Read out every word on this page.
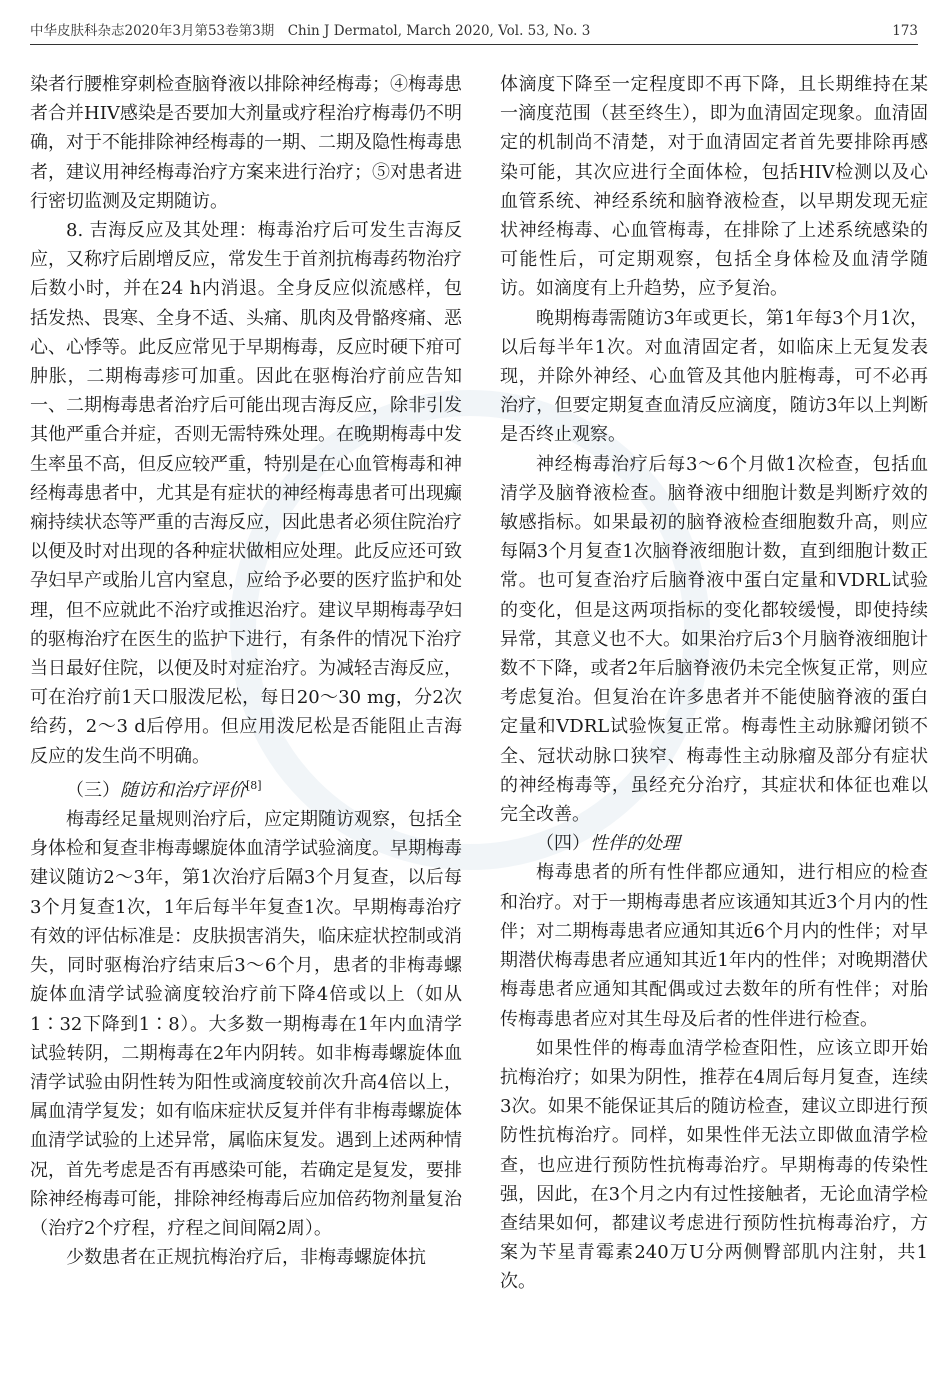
中华皮肤科杂志2020年3月第53卷第3期　Chin J Dermatol, March 2020, Vol. 53, No. 3	173

染者行腰椎穿刺检查脑脊液以排除神经梅毒；④梅毒患者合并HIV感染是否要加大剂量或疗程治疗梅毒仍不明确，对于不能排除神经梅毒的一期、二期及隐性梅毒患者，建议用神经梅毒治疗方案来进行治疗；⑤对患者进行密切监测及定期随访。

8. 吉海反应及其处理：梅毒治疗后可发生吉海反应，又称疗后剧增反应，常发生于首剂抗梅毒药物治疗后数小时，并在24 h内消退。全身反应似流感样，包括发热、畏寒、全身不适、头痛、肌肉及骨骼疼痛、恶心、心悸等。此反应常见于早期梅毒，反应时硬下疳可肿胀，二期梅毒疹可加重。因此在驱梅治疗前应告知一、二期梅毒患者治疗后可能出现吉海反应，除非引发其他严重合并症，否则无需特殊处理。在晚期梅毒中发生率虽不高，但反应较严重，特别是在心血管梅毒和神经梅毒患者中，尤其是有症状的神经梅毒患者可出现癫痫持续状态等严重的吉海反应，因此患者必须住院治疗以便及时对出现的各种症状做相应处理。此反应还可致孕妇早产或胎儿宫内窒息，应给予必要的医疗监护和处理，但不应就此不治疗或推迟治疗。建议早期梅毒孕妇的驱梅治疗在医生的监护下进行，有条件的情况下治疗当日最好住院，以便及时对症治疗。为减轻吉海反应，可在治疗前1天口服泼尼松，每日20～30 mg，分2次给药，2～3 d后停用。但应用泼尼松是否能阻止吉海反应的发生尚不明确。

（三）随访和治疗评价[8]

梅毒经足量规则治疗后，应定期随访观察，包括全身体检和复查非梅毒螺旋体血清学试验滴度。早期梅毒建议随访2～3年，第1次治疗后隔3个月复查，以后每3个月复查1次，1年后每半年复查1次。早期梅毒治疗有效的评估标准是：皮肤损害消失，临床症状控制或消失，同时驱梅治疗结束后3～6个月，患者的非梅毒螺旋体血清学试验滴度较治疗前下降4倍或以上（如从1∶32下降到1∶8）。大多数一期梅毒在1年内血清学试验转阴，二期梅毒在2年内阴转。如非梅毒螺旋体血清学试验由阴性转为阳性或滴度较前次升高4倍以上，属血清学复发；如有临床症状反复并伴有非梅毒螺旋体血清学试验的上述异常，属临床复发。遇到上述两种情况，首先考虑是否有再感染可能，若确定是复发，要排除神经梅毒可能，排除神经梅毒后应加倍药物剂量复治（治疗2个疗程，疗程之间间隔2周）。

少数患者在正规抗梅治疗后，非梅毒螺旋体抗

体滴度下降至一定程度即不再下降，且长期维持在某一滴度范围（甚至终生），即为血清固定现象。血清固定的机制尚不清楚，对于血清固定者首先要排除再感染可能，其次应进行全面体检，包括HIV检测以及心血管系统、神经系统和脑脊液检查，以早期发现无症状神经梅毒、心血管梅毒，在排除了上述系统感染的可能性后，可定期观察，包括全身体检及血清学随访。如滴度有上升趋势，应予复治。

晚期梅毒需随访3年或更长，第1年每3个月1次，以后每半年1次。对血清固定者，如临床上无复发表现，并除外神经、心血管及其他内脏梅毒，可不必再治疗，但要定期复查血清反应滴度，随访3年以上判断是否终止观察。

神经梅毒治疗后每3～6个月做1次检查，包括血清学及脑脊液检查。脑脊液中细胞计数是判断疗效的敏感指标。如果最初的脑脊液检查细胞数升高，则应每隔3个月复查1次脑脊液细胞计数，直到细胞计数正常。也可复查治疗后脑脊液中蛋白定量和VDRL试验的变化，但是这两项指标的变化都较缓慢，即使持续异常，其意义也不大。如果治疗后3个月脑脊液细胞计数不下降，或者2年后脑脊液仍未完全恢复正常，则应考虑复治。但复治在许多患者并不能使脑脊液的蛋白定量和VDRL试验恢复正常。梅毒性主动脉瓣闭锁不全、冠状动脉口狭窄、梅毒性主动脉瘤及部分有症状的神经梅毒等，虽经充分治疗，其症状和体征也难以完全改善。

（四）性伴的处理

梅毒患者的所有性伴都应通知，进行相应的检查和治疗。对于一期梅毒患者应该通知其近3个月内的性伴；对二期梅毒患者应通知其近6个月内的性伴；对早期潜伏梅毒患者应通知其近1年内的性伴；对晚期潜伏梅毒患者应通知其配偶或过去数年的所有性伴；对胎传梅毒患者应对其生母及后者的性伴进行检查。

如果性伴的梅毒血清学检查阳性，应该立即开始抗梅治疗；如果为阴性，推荐在4周后每月复查，连续3次。如果不能保证其后的随访检查，建议立即进行预防性抗梅治疗。同样，如果性伴无法立即做血清学检查，也应进行预防性抗梅毒治疗。早期梅毒的传染性强，因此，在3个月之内有过性接触者，无论血清学检查结果如何，都建议考虑进行预防性抗梅毒治疗，方案为苄星青霉素240万U分两侧臀部肌内注射，共1次。
